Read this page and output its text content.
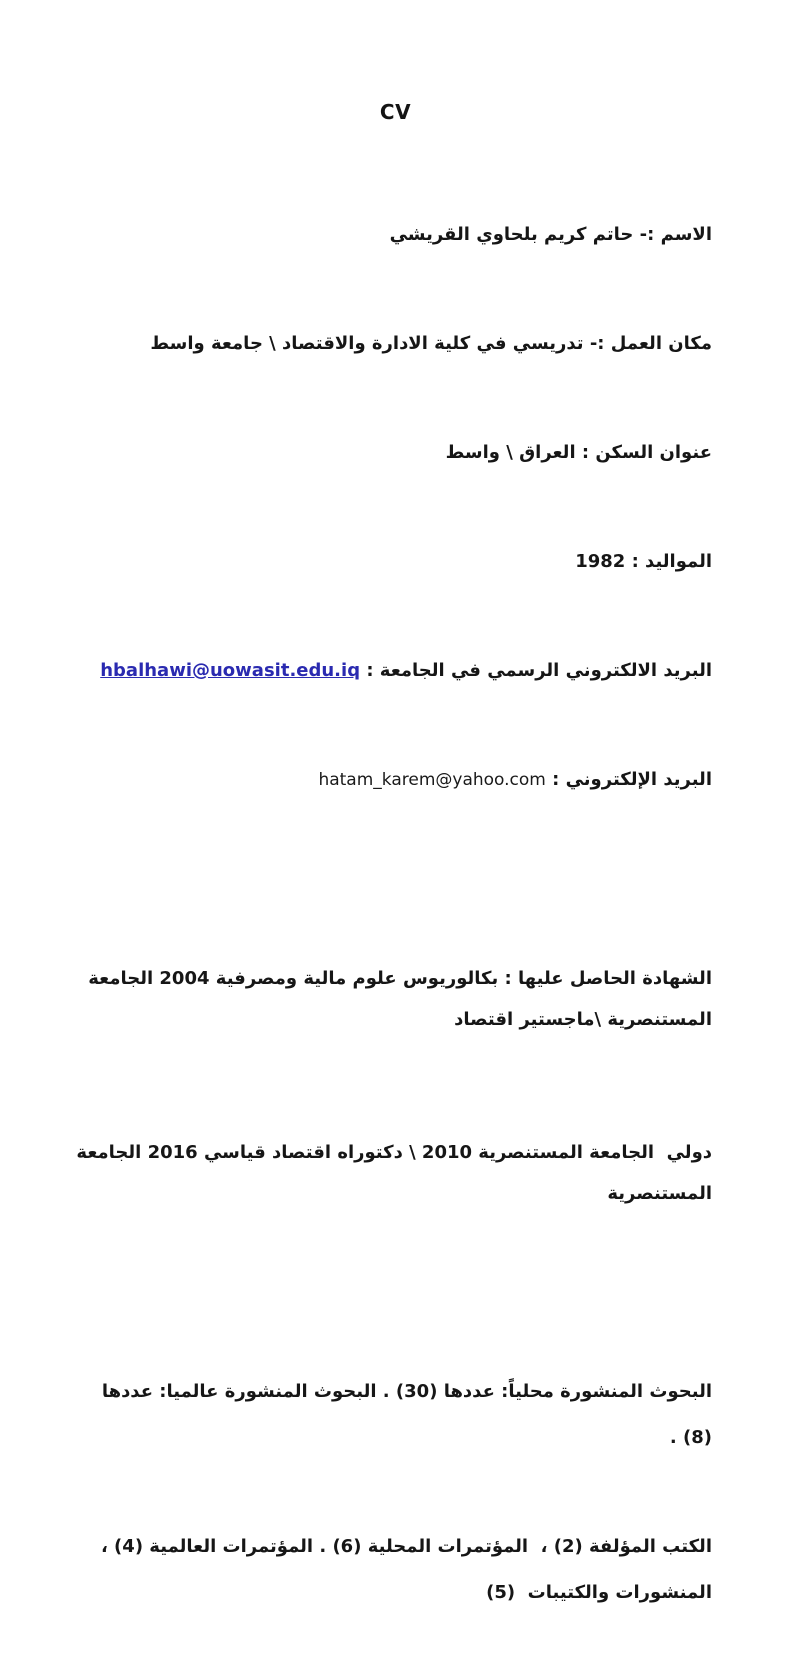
CV

الاسم :- حاتم كريم بلحاوي القريشي

مكان العمل :- تدريسي في كلية الادارة والاقتصاد \ جامعة واسط

عنوان السكن : العراق \ واسط

المواليد : 1982

البريد الالكتروني الرسمي في الجامعة : hbalhawi@uowasit.edu.iq

البريد الإلكتروني : hatam_karem@yahoo.com

الشهادة الحاصل عليها : بكالوريوس علوم مالية ومصرفية 2004 الجامعة المستنصرية \ماجستير اقتصاد

دولي  الجامعة المستنصرية 2010 \ دكتوراه اقتصاد قياسي 2016 الجامعة المستنصرية

البحوث المنشورة محلياً: عددها (30) . البحوث المنشورة عالميا: عددها (8) .

الكتب المؤلفة (2) ،  المؤتمرات المحلية (6) . المؤتمرات العالمية (4) ، المنشورات والكتيبات  (5)
